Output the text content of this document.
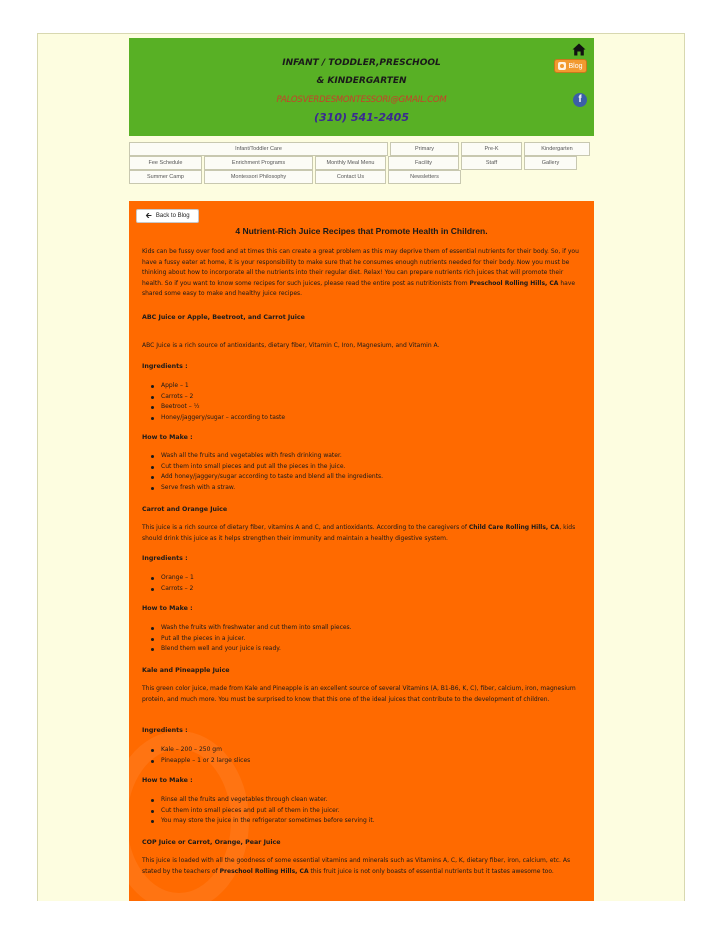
INFANT / TODDLER,PRESCHOOL
& KINDERGARTEN
Blog
PALOSVERDESMONTESSORI@GMAIL.COM	f
(310) 541-2405
Infant/Toddler Care	Primary	Pre-K	Kindergarten
Fee Schedule	Enrichment Programs	Monthly Meal Menu	Facility	Staff	Gallery
Summer Camp	Montessori Philosophy	Contact Us	Newsletters
🡰 Back to Blog
4 Nutrient-Rich Juice Recipes that Promote Health in Children.

Kids can be fussy over food and at times this can create a great problem as this may deprive them of essential nutrients for their body. So, if you have a fussy eater at home, it is your responsibility to make sure that he consumes enough nutrients needed for their body. Now you must be thinking about how to incorporate all the nutrients into their regular diet. Relax! You can prepare nutrients rich juices that will promote their health. So if you want to know some recipes for such juices, please read the entire post as nutritionists from Preschool Rolling Hills, CA have shared some easy to make and healthy juice recipes.

ABC Juice or Apple, Beetroot, and Carrot Juice

ABC Juice is a rich source of antioxidants, dietary fiber, Vitamin C, Iron, Magnesium, and Vitamin A.

Ingredients :
Apple – 1
Carrots – 2
Beetroot – ½
Honey/jaggery/sugar – according to taste
How to Make :
Wash all the fruits and vegetables with fresh drinking water.
Cut them into small pieces and put all the pieces in the juice.
Add honey/jaggery/sugar according to taste and blend all the ingredients.
Serve fresh with a straw.
Carrot and Orange Juice

This juice is a rich source of dietary fiber, vitamins A and C, and antioxidants. According to the caregivers of Child Care Rolling Hills, CA, kids should drink this juice as it helps strengthen their immunity and maintain a healthy digestive system.

Ingredients :
Orange – 1
Carrots – 2
How to Make :
Wash the fruits with freshwater and cut them into small pieces.
Put all the pieces in a juicer.
Blend them well and your juice is ready.
Kale and Pineapple Juice

This green color juice, made from Kale and Pineapple is an excellent source of several Vitamins (A, B1-B6, K, C), fiber, calcium, iron, magnesium protein, and much more. You must be surprised to know that this one of the ideal juices that contribute to the development of children.

Ingredients :
Kale – 200 – 250 gm
Pineapple – 1 or 2 large slices
How to Make :
Rinse all the fruits and vegetables through clean water.
Cut them into small pieces and put all of them in the juicer.
You may store the juice in the refrigerator sometimes before serving it.
COP Juice or Carrot, Orange, Pear Juice

This juice is loaded with all the goodness of some essential vitamins and minerals such as Vitamins A, C, K, dietary fiber, iron, calcium, etc. As stated by the teachers of Preschool Rolling Hills, CA this fruit juice is not only boasts of essential nutrients but it tastes awesome too.
